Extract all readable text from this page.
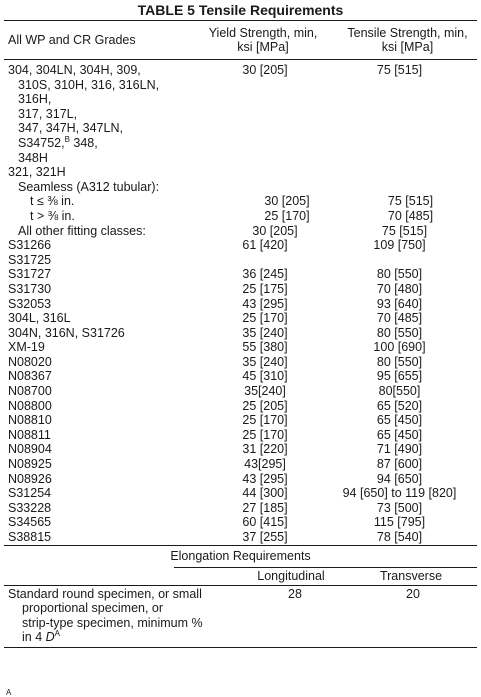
TABLE 5 Tensile Requirements
All WP and CR Grades	Yield Strength, min,
ksi [MPa]
Tensile Strength, min,
ksi [MPa]
304, 304LN, 304H, 309,	30 [205]	75 [515]
310S, 310H, 316, 316LN,
316H,
317, 317L,
347, 347H, 347LN,
S34752,$^B$ 348,
348H
321, 321H
Seamless (A312 tubular):
t ≤ ⅜ in.	30 [205]	75 [515]
t > ⅜ in.	25 [170]	70 [485]
All other fitting classes:	30 [205]	75 [515]
S31266	61 [420]	109 [750]
S31725
S31727	36 [245]	80 [550]
S31730	25 [175]	70 [480]
S32053	43 [295]	93 [640]
304L, 316L	25 [170]	70 [485]
304N, 316N, S31726	35 [240]	80 [550]
XM-19	55 [380]	100 [690]
N08020	35 [240]	80 [550]
N08367	45 [310]	95 [655]
N08700	35[240]	80[550]
N08800	25 [205]	65 [520]
N08810	25 [170]	65 [450]
N08811	25 [170]	65 [450]
N08904	31 [220]	71 [490]
N08925	43[295]	87 [600]
N08926	43 [295]	94 [650]
S31254	44 [300]	94 [650] to 119 [820]
S33228	27 [185]	73 [500]
S34565	60 [415]	115 [795]
S38815	37 [255]	78 [540]
Elongation Requirements
Longitudinal	Transverse
Standard round specimen, or small
proportional specimen, or
strip-type specimen, minimum %
in 4 $D^A$
28	20
A
